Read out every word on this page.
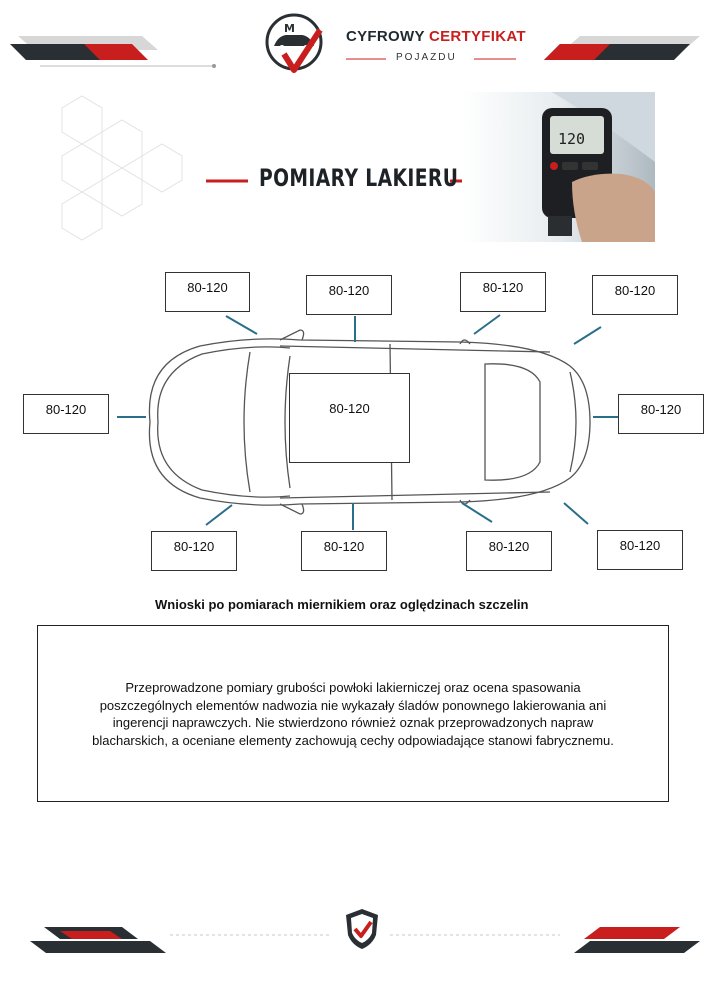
M	CYFROWY CERTYFIKAT
POJAZDU
120
POMIARY LAKIERU
80-120	80-120	80-120	80-120
80-120	80-120	80-120
80-120	80-120	80-120	80-120
Wnioski po pomiarach miernikiem oraz oględzinach szczelin
Przeprowadzone pomiary grubości powłoki lakierniczej oraz ocena spasowania poszczególnych elementów nadwozia nie wykazały śladów ponownego lakierowania ani ingerencji naprawczych. Nie stwierdzono również oznak przeprowadzonych napraw blacharskich, a oceniane elementy zachowują cechy odpowiadające stanowi fabrycznemu.
